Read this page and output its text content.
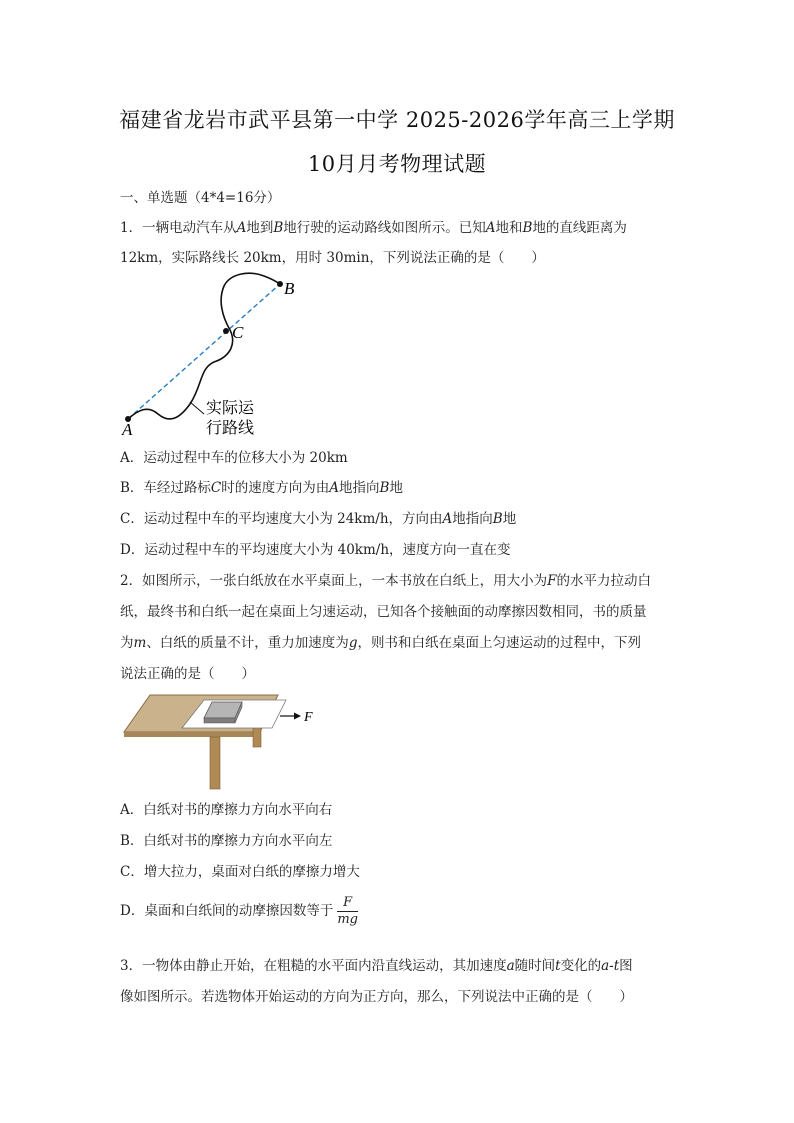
福建省龙岩市武平县第一中学 2025-2026学年高三上学期
10月月考物理试题
一、单选题（4*4=16分）
1．一辆电动汽车从A地到B地行驶的运动路线如图所示。已知A地和B地的直线距离为
12km，实际路线长 20km，用时 30min，下列说法正确的是（　　）
A
B
C
实际运
行路线
A．运动过程中车的位移大小为 20km
B．车经过路标C时的速度方向为由A地指向B地
C．运动过程中车的平均速度大小为 24km/h，方向由A地指向B地
D．运动过程中车的平均速度大小为 40km/h，速度方向一直在变
2．如图所示，一张白纸放在水平桌面上，一本书放在白纸上，用大小为F的水平力拉动白
纸，最终书和白纸一起在桌面上匀速运动，已知各个接触面的动摩擦因数相同，书的质量
为m、白纸的质量不计，重力加速度为g，则书和白纸在桌面上匀速运动的过程中，下列
说法正确的是（　　）
F
A．白纸对书的摩擦力方向水平向右
B．白纸对书的摩擦力方向水平向左
C．增大拉力，桌面对白纸的摩擦力增大
D．桌面和白纸间的动摩擦因数等于 $\frac{F}{mg}$
3．一物体由静止开始，在粗糙的水平面内沿直线运动，其加速度a随时间t变化的a-t图
像如图所示。若选物体开始运动的方向为正方向，那么，下列说法中正确的是（　　）
